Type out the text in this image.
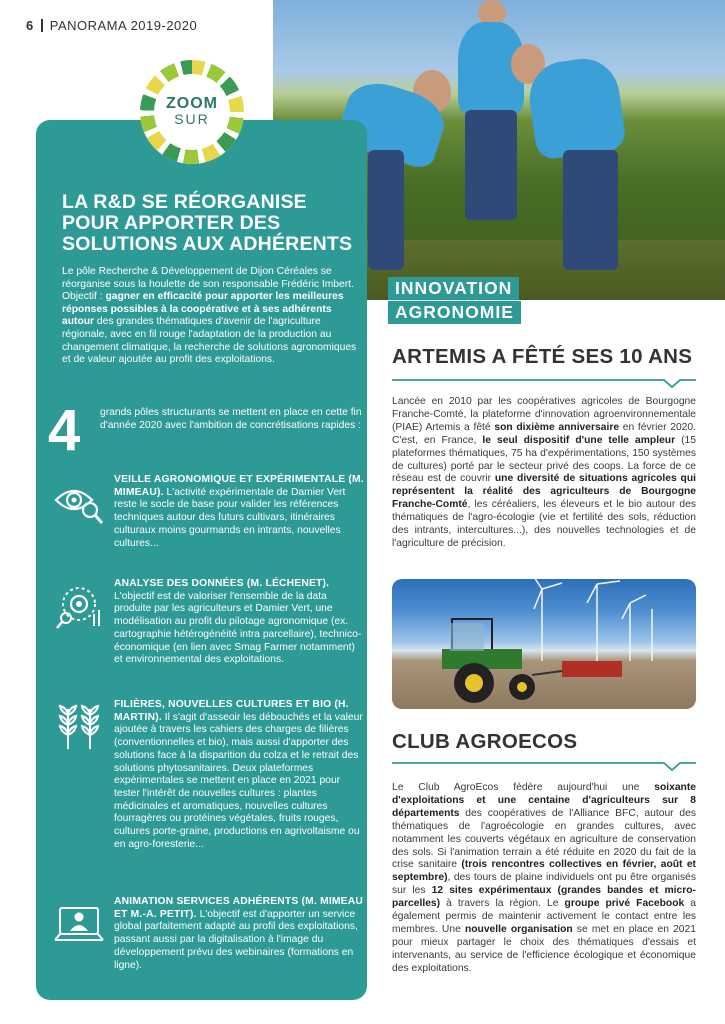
6 PANORAMA 2019-2020
ZOOM
SUR
LA R&D SE RÉORGANISE POUR APPORTER DES SOLUTIONS AUX ADHÉRENTS
Le pôle Recherche & Développement de Dijon Céréales se réorganise sous la houlette de son responsable Frédéric Imbert.
Objectif : gagner en efficacité pour apporter les meilleures réponses possibles à la coopérative et à ses adhérents autour des grandes thématiques d'avenir de l'agriculture régionale, avec en fil rouge l'adaptation de la production au changement climatique, la recherche de solutions agronomiques et de valeur ajoutée au profit des exploitations.
4 grands pôles structurants se mettent en place en cette fin d'année 2020 avec l'ambition de concrétisations rapides :
VEILLE AGRONOMIQUE ET EXPÉRIMENTALE (M. MIMEAU). L'activité expérimentale de Damier Vert reste le socle de base pour valider les références techniques autour des futurs cultivars, itinéraires culturaux moins gourmands en intrants, nouvelles cultures...
ANALYSE DES DONNÉES (M. LÉCHENET). L'objectif est de valoriser l'ensemble de la data produite par les agriculteurs et Damier Vert, une modélisation au profit du pilotage agronomique (ex. cartographie hétérogénéité intra parcellaire), technico-économique (en lien avec Smag Farmer notamment) et environnemental des exploitations.
FILIÈRES, NOUVELLES CULTURES ET BIO (H. MARTIN). Il s'agit d'asseoir les débouchés et la valeur ajoutée à travers les cahiers des charges de filières (conventionnelles et bio), mais aussi d'apporter des solutions face à la disparition du colza et le retrait des solutions phytosanitaires. Deux plateformes expérimentales se mettent en place en 2021 pour tester l'intérêt de nouvelles cultures : plantes médicinales et aromatiques, nouvelles cultures fourragères ou protéines végétales, fruits rouges, cultures porte-graine, productions en agrivoltaisme ou en agro-foresterie...
ANIMATION SERVICES ADHÉRENTS (M. MIMEAU ET M.-A. PETIT). L'objectif est d'apporter un service global parfaitement adapté au profil des exploitations, passant aussi par la digitalisation à l'image du développement prévu des webinaires (formations en ligne).
INNOVATION
AGRONOMIE
ARTEMIS A FÊTÉ SES 10 ANS
Lancée en 2010 par les coopératives agricoles de Bourgogne Franche-Comté, la plateforme d'innovation agroenvironnementale (PIAE) Artemis a fêté son dixième anniversaire en février 2020. C'est, en France, le seul dispositif d'une telle ampleur (15 plateformes thématiques, 75 ha d'expérimentations, 150 systèmes de cultures) porté par le secteur privé des coops. La force de ce réseau est de couvrir une diversité de situations agricoles qui représentent la réalité des agriculteurs de Bourgogne Franche-Comté, les céréaliers, les éleveurs et le bio autour des thématiques de l'agro-écologie (vie et fertilité des sols, réduction des intrants, intercultures...), des nouvelles technologies et de l'agriculture de précision.
CLUB AGROECOS
Le Club AgroEcos fédère aujourd'hui une soixante d'exploitations et une centaine d'agriculteurs sur 8 départements des coopératives de l'Alliance BFC, autour des thématiques de l'agroécologie en grandes cultures, avec notamment les couverts végétaux en agriculture de conservation des sols. Si l'animation terrain a été réduite en 2020 du fait de la crise sanitaire (trois rencontres collectives en février, août et septembre), des tours de plaine individuels ont pu être organisés sur les 12 sites expérimentaux (grandes bandes et micro-parcelles) à travers la région. Le groupe privé Facebook a également permis de maintenir activement le contact entre les membres. Une nouvelle organisation se met en place en 2021 pour mieux partager le choix des thématiques d'essais et intervenants, au service de l'efficience écologique et économique des exploitations.
